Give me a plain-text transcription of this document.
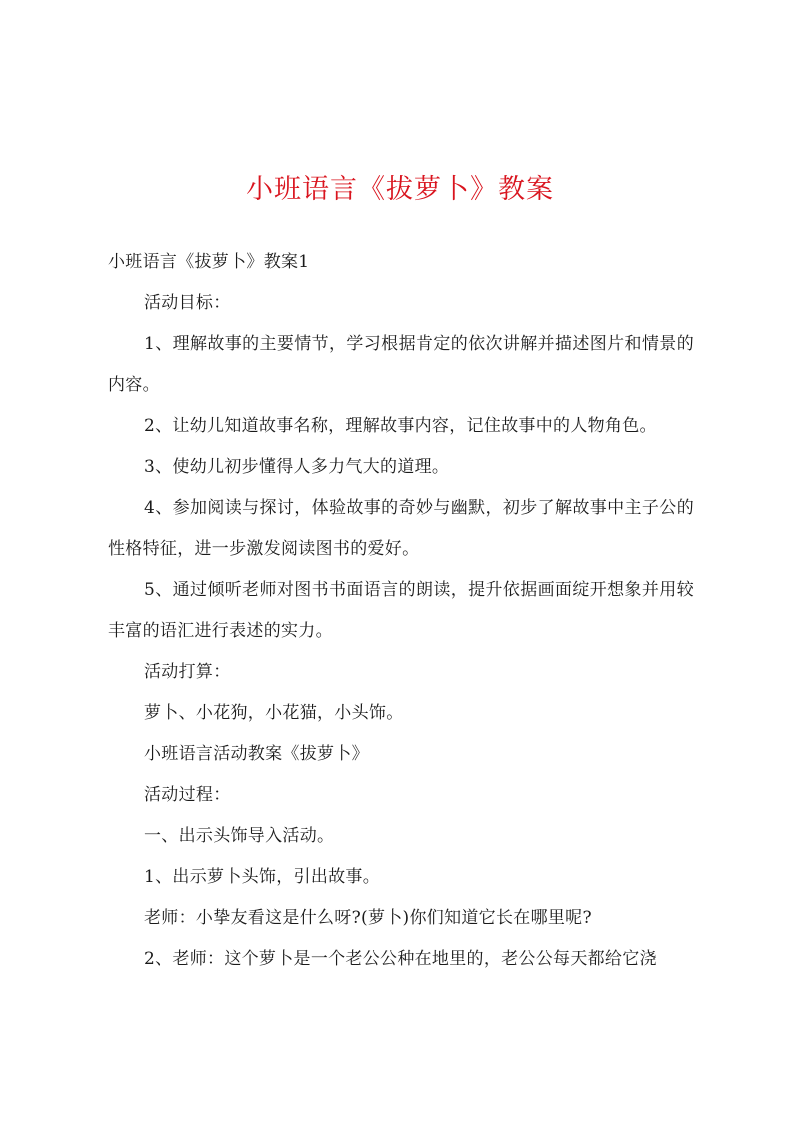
小班语言《拔萝卜》教案

小班语言《拔萝卜》教案1

活动目标：

1、理解故事的主要情节，学习根据肯定的依次讲解并描述图片和情景的内容。

2、让幼儿知道故事名称，理解故事内容，记住故事中的人物角色。

3、使幼儿初步懂得人多力气大的道理。

4、参加阅读与探讨，体验故事的奇妙与幽默，初步了解故事中主子公的性格特征，进一步激发阅读图书的爱好。

5、通过倾听老师对图书书面语言的朗读，提升依据画面绽开想象并用较丰富的语汇进行表述的实力。

活动打算：

萝卜、小花狗，小花猫，小头饰。

小班语言活动教案《拔萝卜》

活动过程：

一、出示头饰导入活动。

1、出示萝卜头饰，引出故事。

老师：小挚友看这是什么呀?(萝卜)你们知道它长在哪里呢?

2、老师：这个萝卜是一个老公公种在地里的，老公公每天都给它浇
